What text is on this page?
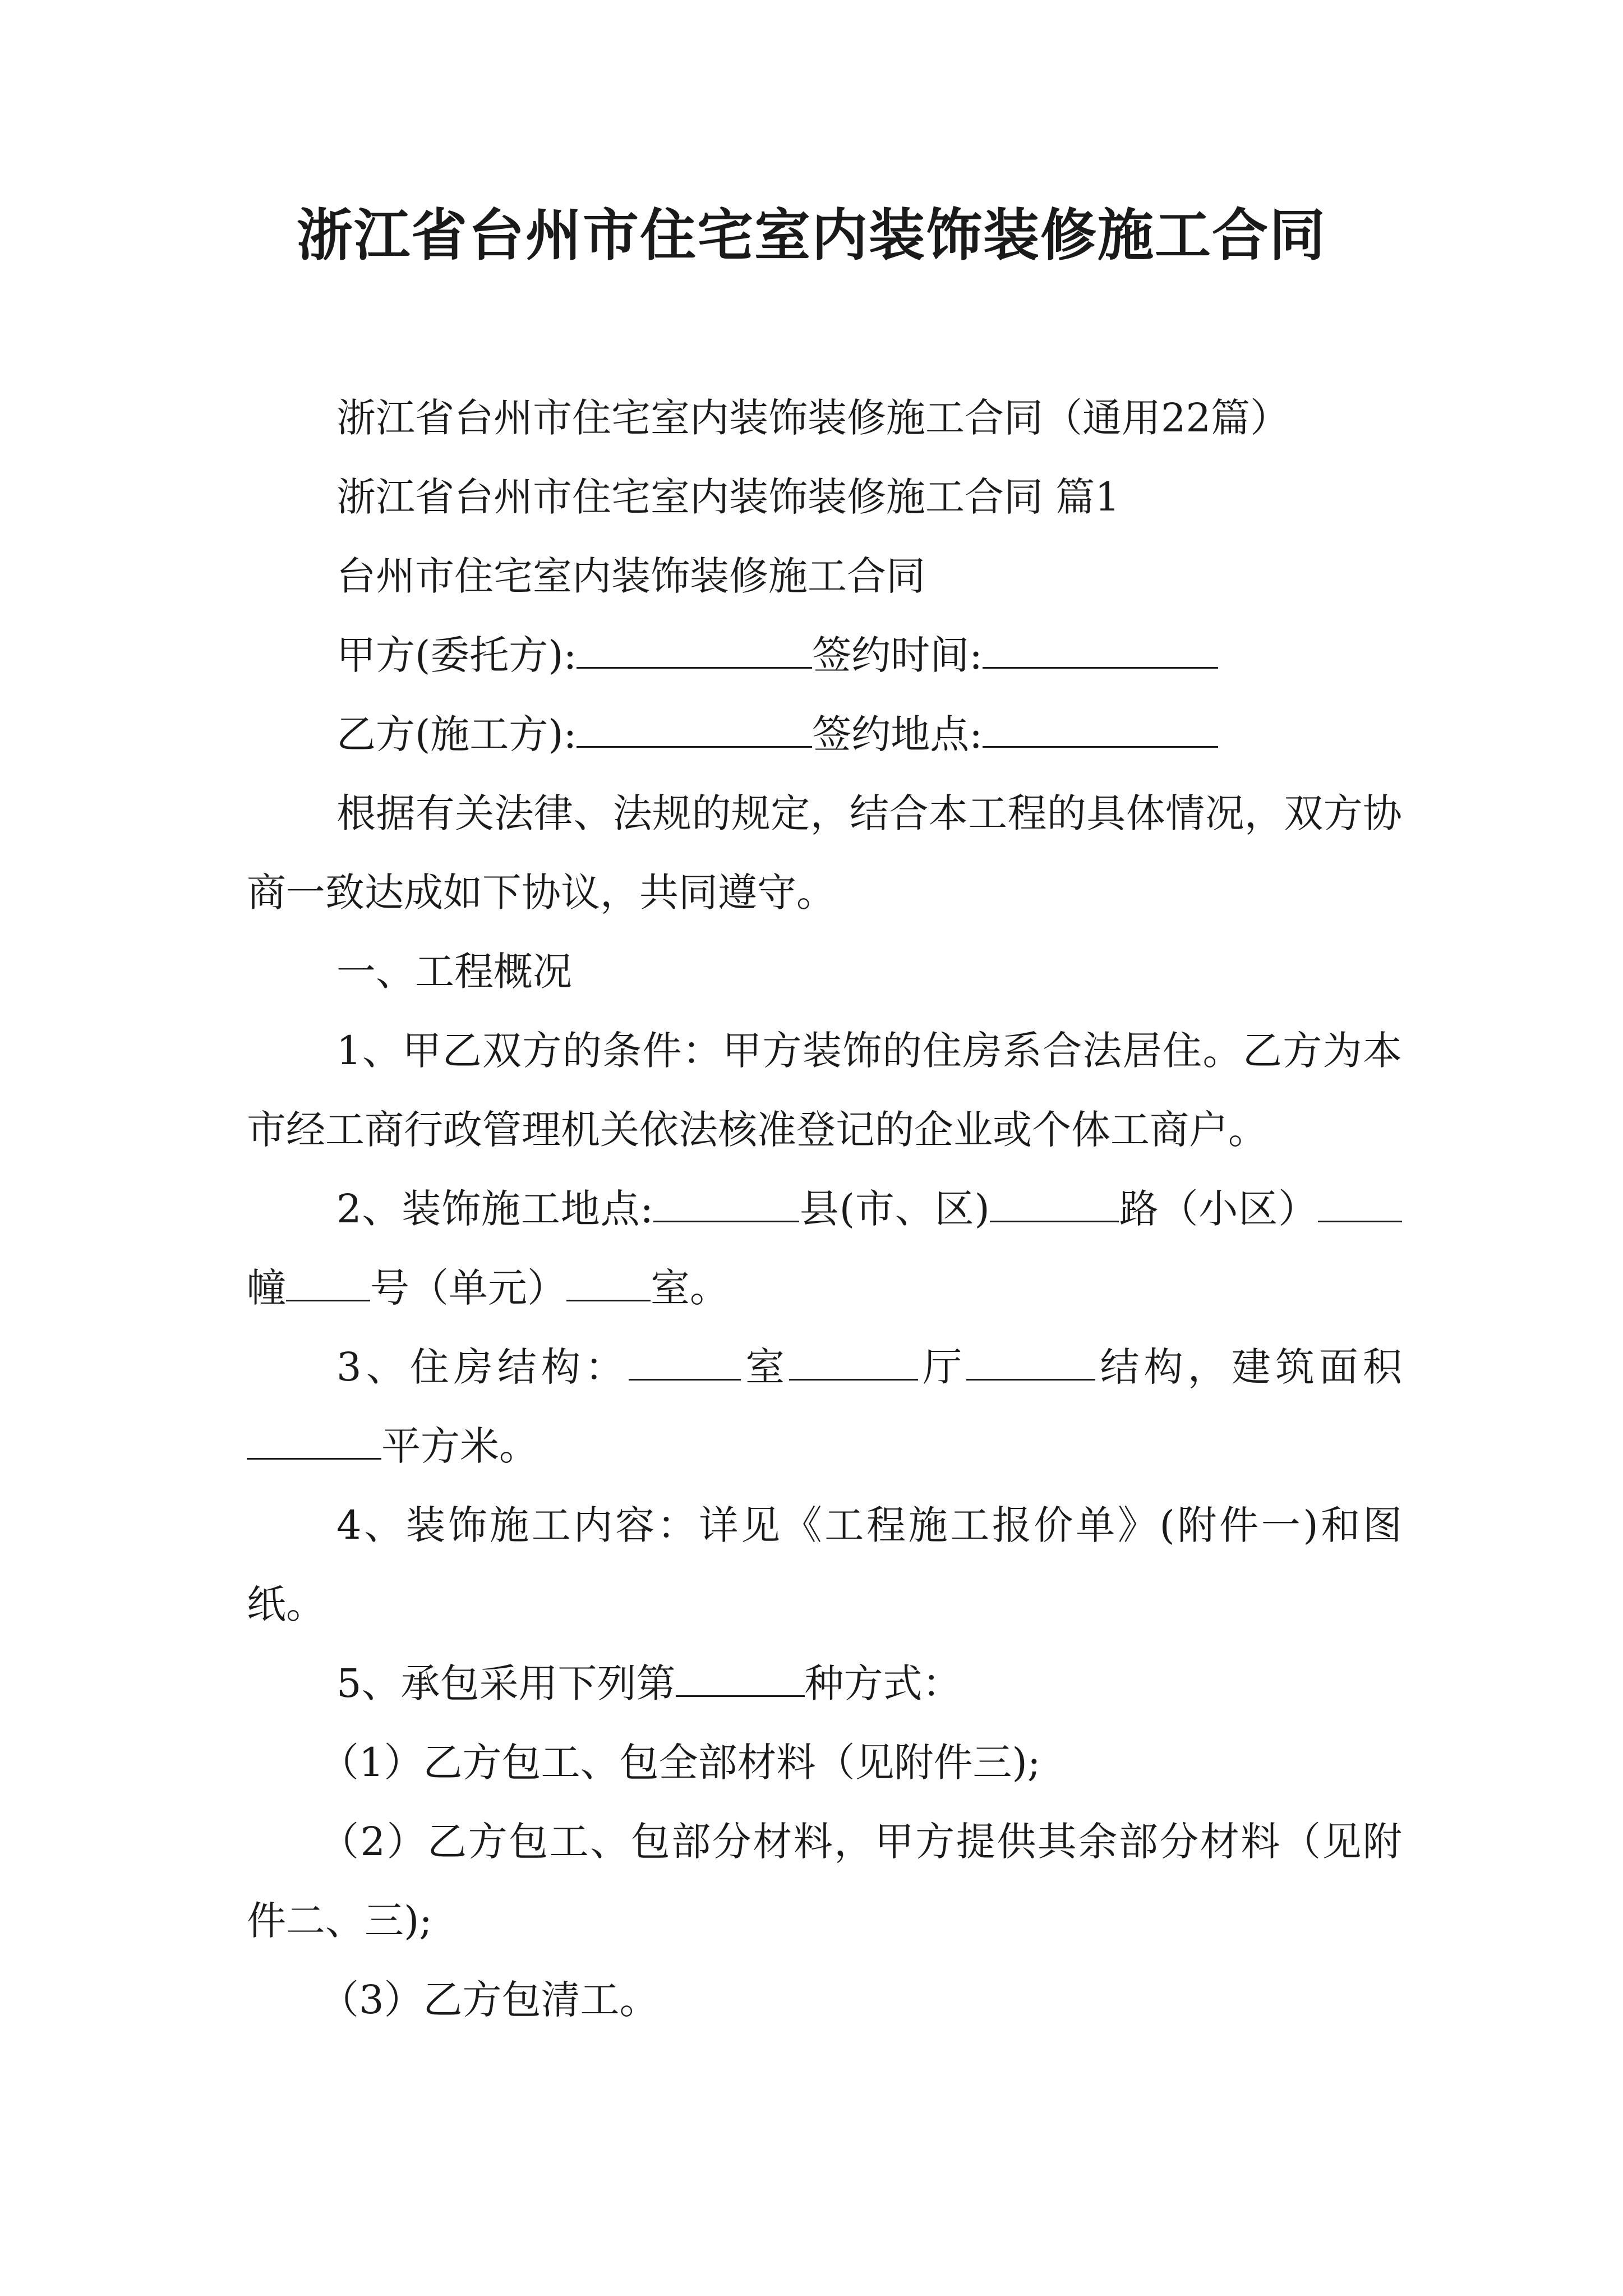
浙江省台州市住宅室内装饰装修施工合同

浙江省台州市住宅室内装饰装修施工合同（通用22篇）

浙江省台州市住宅室内装饰装修施工合同 篇1

台州市住宅室内装饰装修施工合同

甲方(委托方):	签约时间:

乙方(施工方):	签约地点:

根据有关法律、法规的规定，结合本工程的具体情况，双方协商一致达成如下协议，共同遵守。

一、工程概况

1、甲乙双方的条件：甲方装饰的住房系合法居住。乙方为本市经工商行政管理机关依法核准登记的企业或个体工商户。

2、装饰施工地点:	县(市、区)	路（小区）幢 号（单元） 室。

3、住房结构：	室	厅	结构，建筑面积平方米。

4、装饰施工内容：详见《工程施工报价单》(附件一)和图纸。

5、承包采用下列第	种方式：

（1）乙方包工、包全部材料（见附件三);

（2）乙方包工、包部分材料，甲方提供其余部分材料（见附件二、三);

（3）乙方包清工。
